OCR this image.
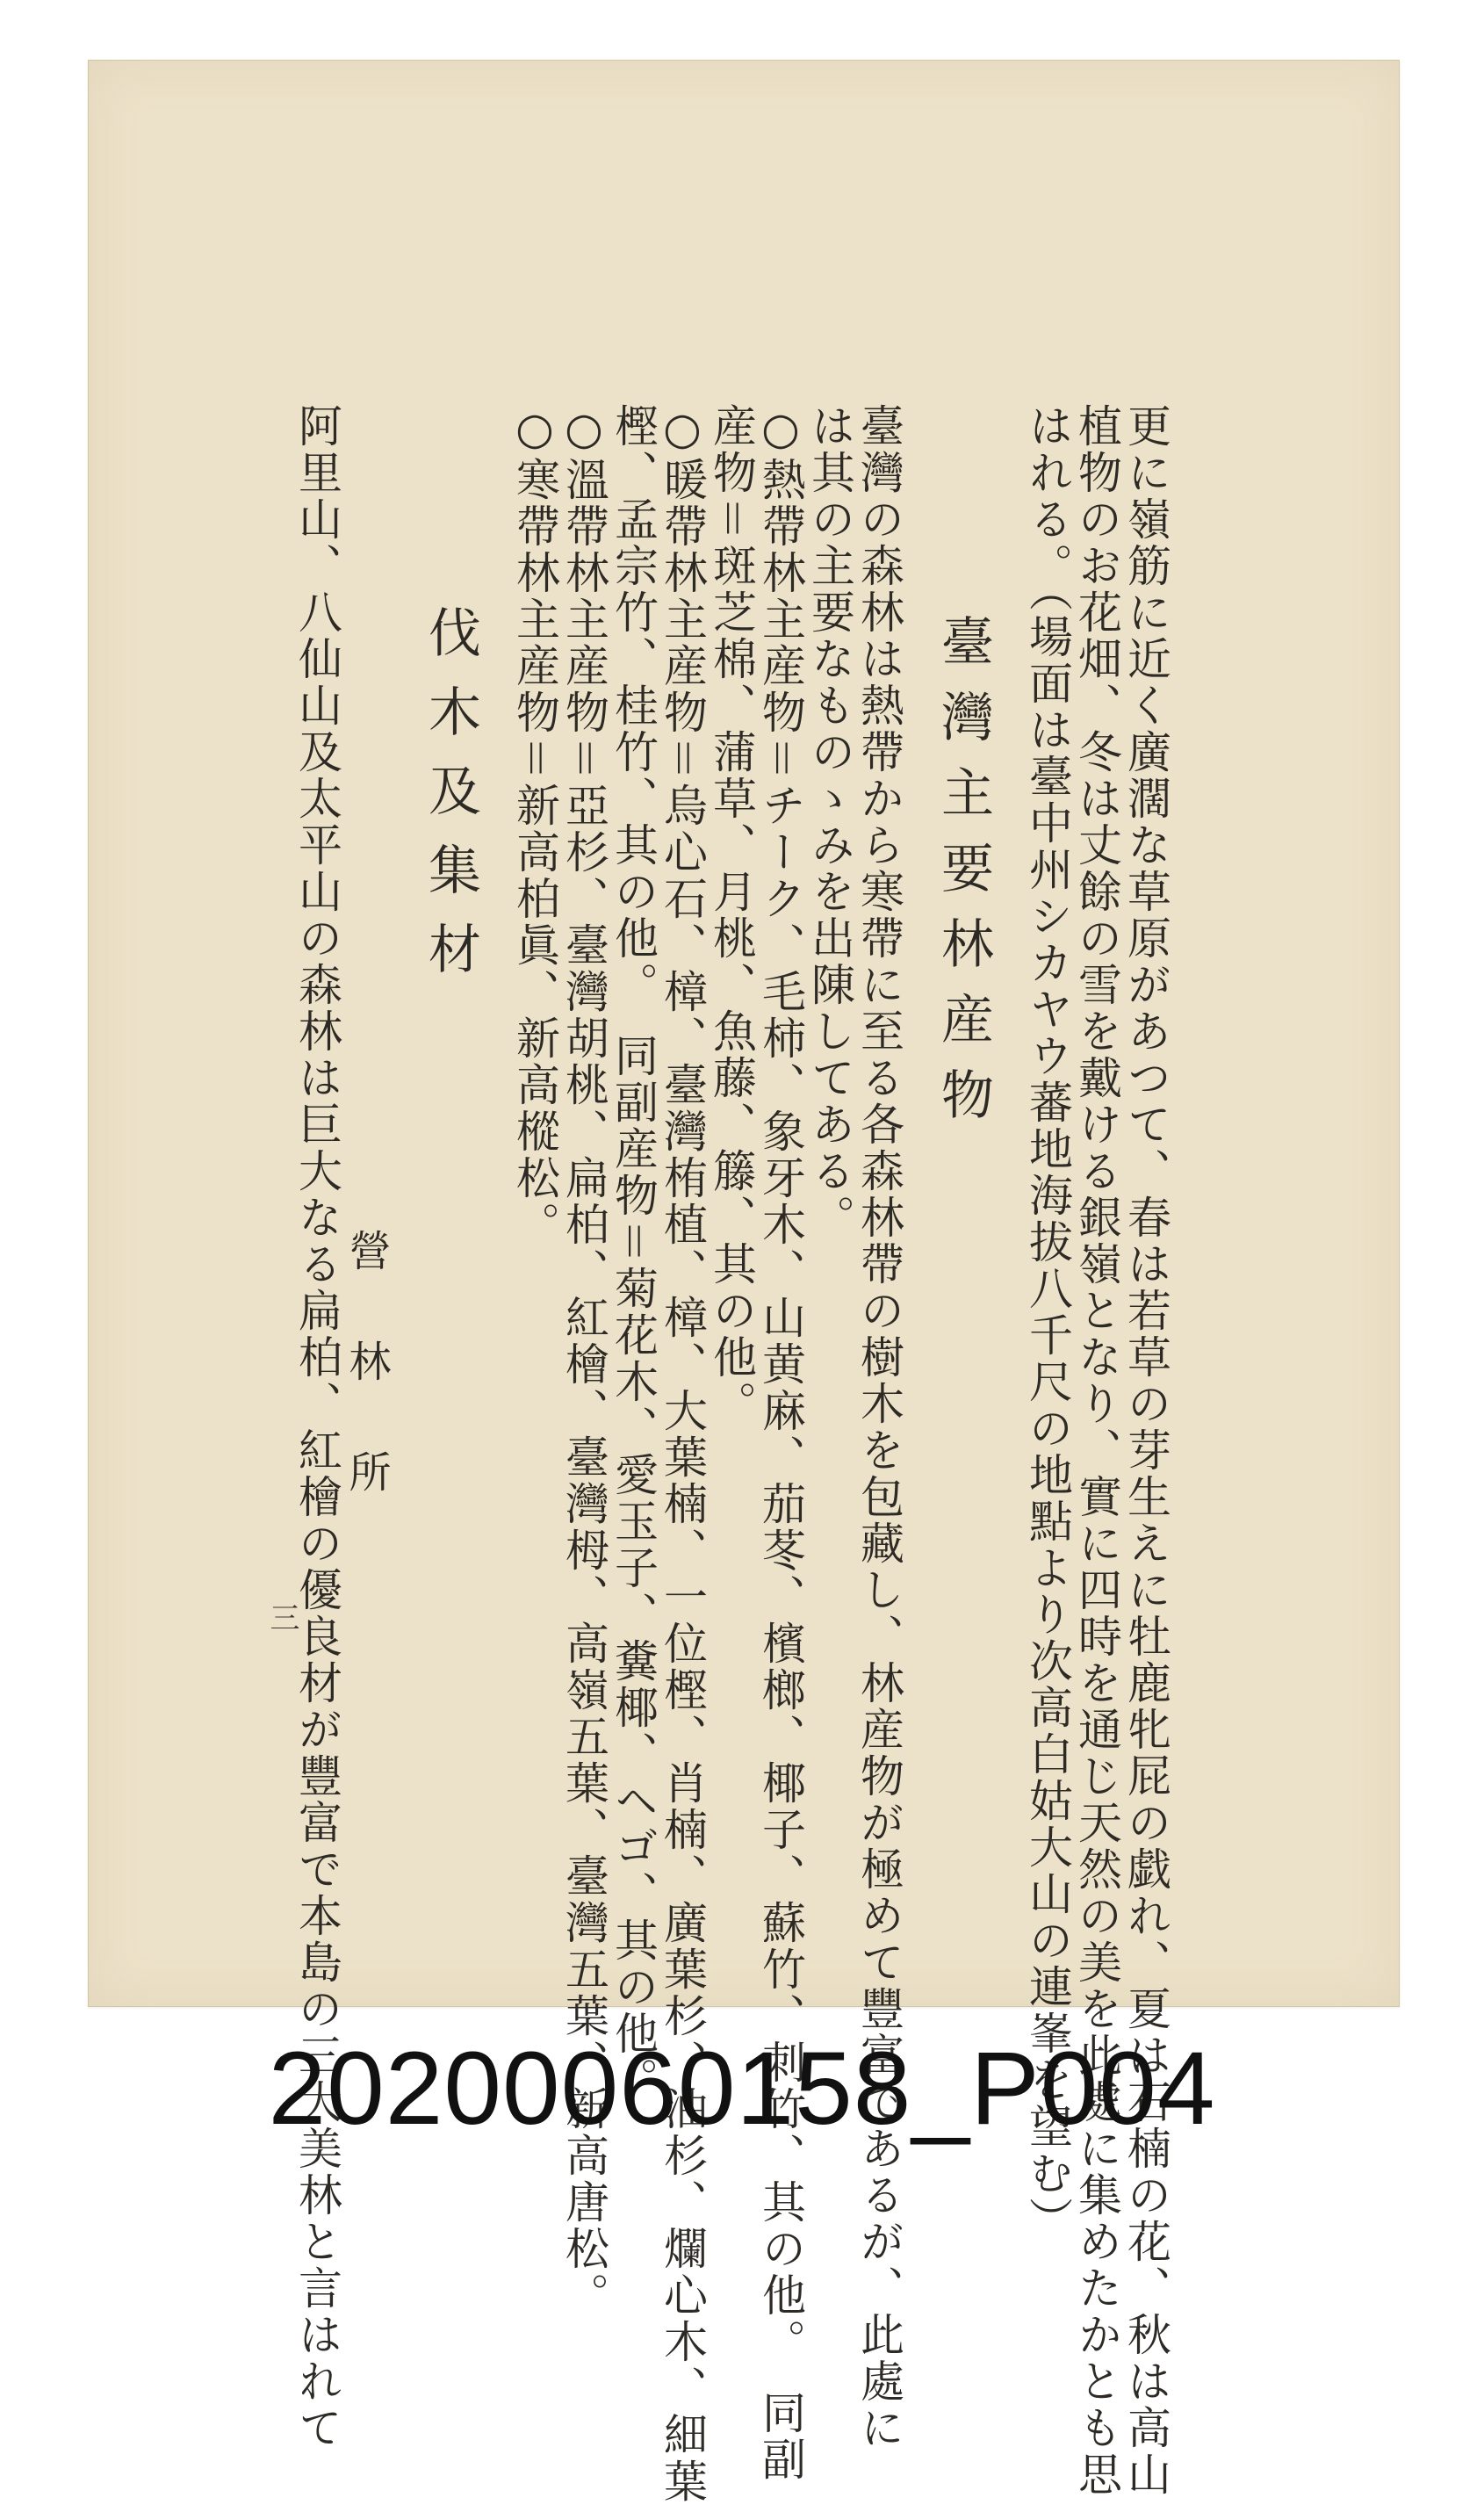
更に嶺筋に近く廣濶な草原があつて、春は若草の芽生えに牡鹿牝屁の戯れ、夏は石楠の花、秋は高山
植物のお花畑、冬は丈餘の雪を戴ける銀嶺となり、實に四時を通じ天然の美を此處に集めたかとも思
はれる。（場面は臺中州シカヤウ蕃地海拔八千尺の地點より次高白姑大山の連峯を望む）
臺灣主要林産物
臺灣の森林は熱帶から寒帶に至る各森林帶の樹木を包藏し、林産物が極めて豐富であるが、此處に
は其の主要なものゝみを出陳してある。
○熱帶林主産物＝チーク、毛柿、象牙木、山黄麻、茄苳、檳榔、椰子、蘇竹、刺竹、其の他。　同副
産物＝斑芝棉、蒲草、月桃、魚藤、籐、其の他。
○暖帶林主産物＝烏心石、樟、臺灣栯植、樟、大葉楠、一位樫、肖楠、廣葉杉、油杉、爛心木、細葉
樫、孟宗竹、桂竹、其の他。　同副産物＝菊花木、愛玉子、糞椰、ヘゴ、其の他。
○溫帶林主産物＝亞杉、臺灣胡桃、扁柏、紅檜、臺灣栂、高嶺五葉、臺灣五葉、新高唐松。
○寒帶林主産物＝新高柏眞、新高樅松。
伐木及集材
營林所
阿里山、八仙山及太平山の森林は巨大なる扁柏、紅檜の優良材が豐富で本島の三大美林と言はれて
三
20200060158_P004
